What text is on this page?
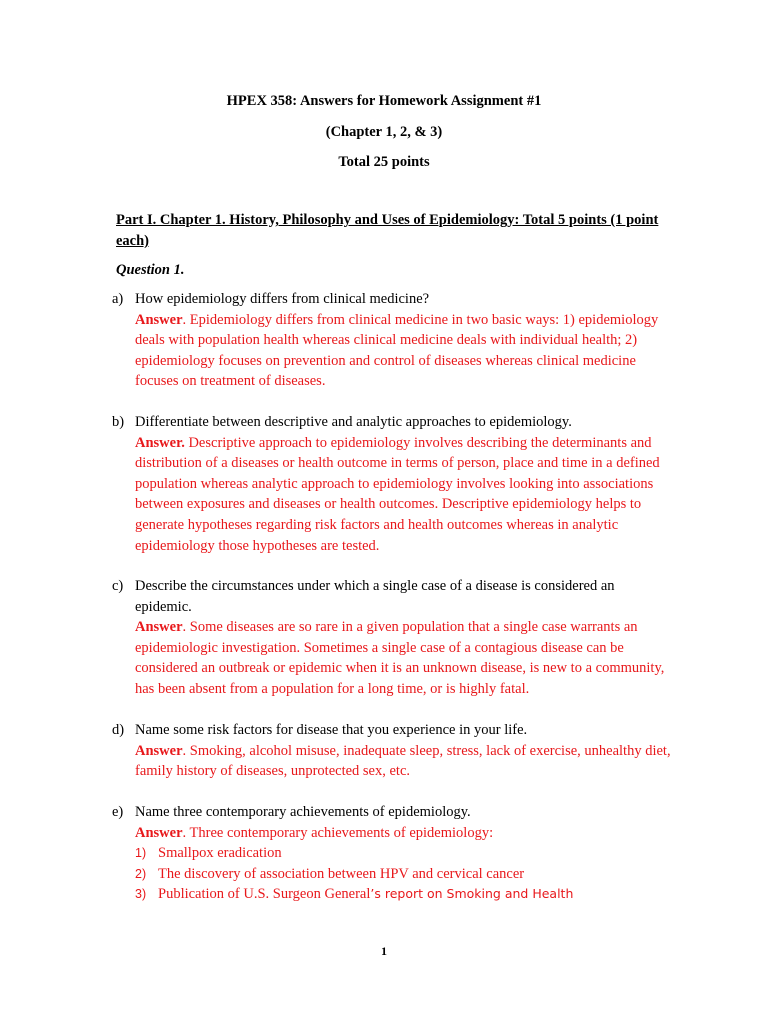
HPEX 358: Answers for Homework Assignment #1
(Chapter 1, 2, & 3)
Total 25 points
Part I. Chapter 1. History, Philosophy and Uses of Epidemiology: Total 5 points (1 point each)
Question 1.
a) How epidemiology differs from clinical medicine?
Answer. Epidemiology differs from clinical medicine in two basic ways: 1) epidemiology deals with population health whereas clinical medicine deals with individual health; 2) epidemiology focuses on prevention and control of diseases whereas clinical medicine focuses on treatment of diseases.
b) Differentiate between descriptive and analytic approaches to epidemiology.
Answer. Descriptive approach to epidemiology involves describing the determinants and distribution of a diseases or health outcome in terms of person, place and time in a defined population whereas analytic approach to epidemiology involves looking into associations between exposures and diseases or health outcomes. Descriptive epidemiology helps to generate hypotheses regarding risk factors and health outcomes whereas in analytic epidemiology those hypotheses are tested.
c) Describe the circumstances under which a single case of a disease is considered an epidemic.
Answer. Some diseases are so rare in a given population that a single case warrants an epidemiologic investigation. Sometimes a single case of a contagious disease can be considered an outbreak or epidemic when it is an unknown disease, is new to a community, has been absent from a population for a long time, or is highly fatal.
d) Name some risk factors for disease that you experience in your life.
Answer. Smoking, alcohol misuse, inadequate sleep, stress, lack of exercise, unhealthy diet, family history of diseases, unprotected sex, etc.
e) Name three contemporary achievements of epidemiology.
Answer. Three contemporary achievements of epidemiology:
1) Smallpox eradication
2) The discovery of association between HPV and cervical cancer
3) Publication of U.S. Surgeon General’s report on Smoking and Health
1
